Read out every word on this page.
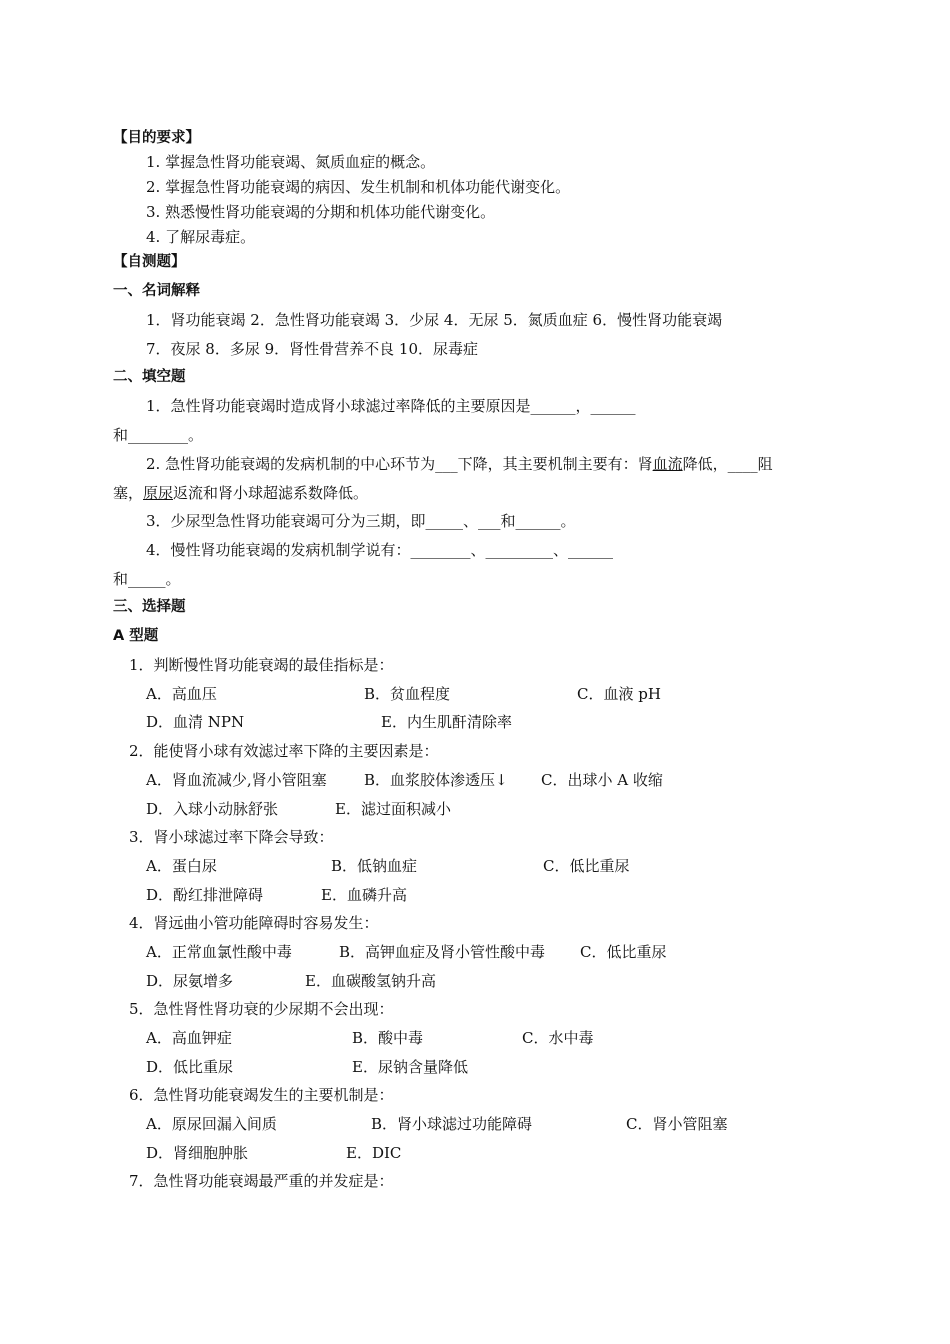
【目的要求】
1. 掌握急性肾功能衰竭、氮质血症的概念。
2. 掌握急性肾功能衰竭的病因、发生机制和机体功能代谢变化。
3. 熟悉慢性肾功能衰竭的分期和机体功能代谢变化。
4. 了解尿毒症。
【自测题】
一、名词解释
1．肾功能衰竭 2．急性肾功能衰竭 3．少尿 4．无尿 5．氮质血症 6．慢性肾功能衰竭
7．夜尿 8．多尿 9．肾性骨营养不良 10．尿毒症
二、填空题
1．急性肾功能衰竭时造成肾小球滤过率降低的主要原因是______，______
和________。
2. 急性肾功能衰竭的发病机制的中心环节为___下降，其主要机制主要有：肾血流降低，____阻
塞，原尿返流和肾小球超滤系数降低。
3．少尿型急性肾功能衰竭可分为三期，即_____、___和______。
4．慢性肾功能衰竭的发病机制学说有：________、_________、______
和_____。
三、选择题
A 型题
1．判断慢性肾功能衰竭的最佳指标是：
A．高血压	B．贫血程度	C．血液 pH
D．血清 NPN	E．内生肌酐清除率
2．能使肾小球有效滤过率下降的主要因素是：
A．肾血流减少,肾小管阻塞 B．血浆胶体渗透压↓ C．出球小 A 收缩
D．入球小动脉舒张	E．滤过面积减小
3．肾小球滤过率下降会导致：
A．蛋白尿	B．低钠血症	C．低比重尿
D．酚红排泄障碍	E．血磷升高
4．肾远曲小管功能障碍时容易发生：
A．正常血氯性酸中毒	B．高钾血症及肾小管性酸中毒 C．低比重尿
D．尿氨增多	E．血碳酸氢钠升高
5．急性肾性肾功衰的少尿期不会出现：
A．高血钾症	B．酸中毒	C．水中毒
D．低比重尿	E．尿钠含量降低
6．急性肾功能衰竭发生的主要机制是：
A．原尿回漏入间质	B．肾小球滤过功能障碍	C．肾小管阻塞
D．肾细胞肿胀	E．DIC
7．急性肾功能衰竭最严重的并发症是：
